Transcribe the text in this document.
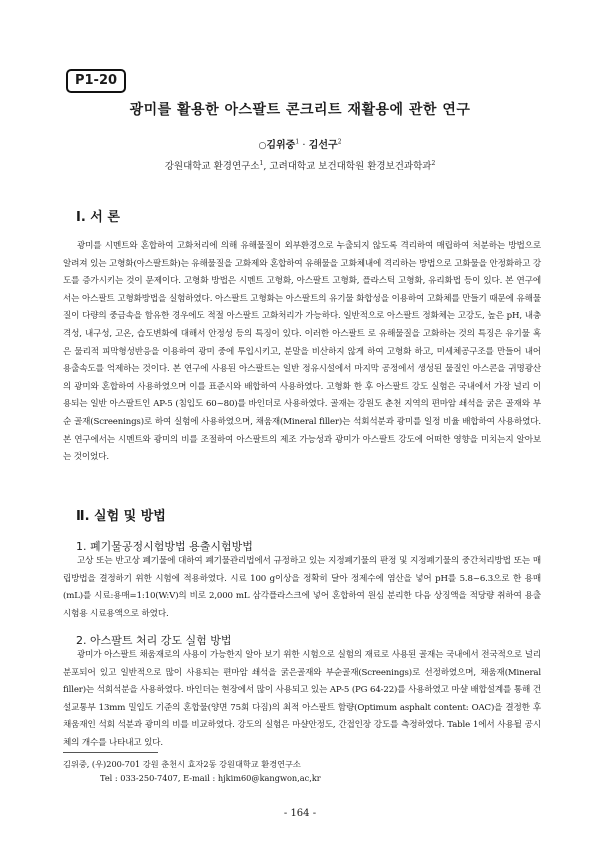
P1-20
광미를 활용한 아스팔트 콘크리트 재활용에 관한 연구
○김위중$^1$ · 김선구$^2$
강원대학교 환경연구소$^1$, 고려대학교 보건대학원 환경보건과학과$^2$
Ⅰ. 서 론
광미를 시멘트와 혼합하여 고화처리에 의해 유해물질이 외부환경으로 누출되지 않도록 격리하여 매립하여 처분하는 방법으로 알려져 있는 고형화(아스팔트화)는 유해물질을 고화제와 혼합하여 유해물을 고화체내에 격리하는 방법으로 고화물을 안정화하고 강도를 증가시키는 것이 문제이다. 고형화 방법은 시멘트 고형화, 아스팔트 고형화, 플라스틱 고형화, 유리화법 등이 있다. 본 연구에서는 아스팔트 고형화방법을 실험하였다. 아스팔트 고형화는 아스팔트의 유기물 화합성을 이용하여 고화체를 만들기 때문에 유해물질이 다량의 중금속을 함유한 경우에도 적절 아스팔트 고화처리가 가능하다. 일반적으로 아스팔트 정화체는 고강도, 높은 pH, 내충격성, 내구성, 고온, 습도변화에 대해서 안정성 등의 특징이 있다. 이러한 아스팔트 로 유해물질을 고화하는 것의 특징은 유기물 혹은 물리적 피막형성반응을 이용하여 광미 중에 투입시키고, 분말을 비산하지 않게 하여 고형화 하고, 미세체공구조를 만들어 내어 용출속도를 억제하는 것이다. 본 연구에 사용된 아스팔트는 일반 정유시설에서 마지막 공정에서 생성된 물질인 아스콘을 귀명광산의 광미와 혼합하여 사용하였으며 이를 표준시와 배합하여 사용하였다. 고형화 한 후 아스팔트 강도 실험은 국내에서 가장 널리 이용되는 일반 아스팔트인 AP-5 (침입도 60~80)를 바인더로 사용하였다. 골재는 강원도 춘천 지역의 편마암 쇄석을 굵은 골재와 부순 골재(Screenings)로 하여 실험에 사용하였으며, 채움재(Mineral filler)는 석회석분과 광미를 일정 비율 배합하여 사용하였다. 본 연구에서는 시멘트와 광미의 비를 조절하여 아스팔트의 제조 가능성과 광미가 아스팔트 강도에 어떠한 영향을 미치는지 알아보는 것이었다.
Ⅱ. 실험 및 방법
1. 폐기물공정시험방법 용출시험방법
고상 또는 반고상 폐기물에 대하여 폐기물관리법에서 규정하고 있는 지정폐기물의 판정 및 지정폐기물의 중간처리방법 또는 매립방법을 결정하기 위한 시험에 적용하였다. 시료 100 g이상을 정확히 달아 정제수에 염산을 넣어 pH를 5.8~6.3으로 한 용매(mL)를 시료:용매=1:10(W:V)의 비로 2,000 mL 삼각플라스크에 넣어 혼합하여 원심 분리한 다음 상징액을 적당량 취하여 용출시험용 시료용액으로 하였다.
2. 아스팔트 처리 강도 실험 방법
광미가 아스팔트 채움재로의 사용이 가능한지 알아 보기 위한 시험으로 실험의 재료로 사용된 골재는 국내에서 전국적으로 널리 분포되어 있고 일반적으로 많이 사용되는 편마암 쇄석을 굵은골재와 부순골재(Screenings)로 선정하였으며, 채움재(Mineral filler)는 석회석분을 사용하였다. 바인더는 현장에서 많이 사용되고 있는 AP-5 (PG 64-22)를 사용하였고 마샬 배합설계를 통해 건설교통부 13mm 밀입도 기준의 혼합물(양면 75회 다짐)의 최적 아스팔트 함량(Optimum asphalt content: OAC)을 결정한 후 채움재인 석회 석분과 광미의 비를 비교하였다. 강도의 실험은 마샬안정도, 간접인장 강도를 측정하였다. Table 1에서 사용될 공시체의 개수를 나타내고 있다.
김위중, (우)200-701 강원 춘천시 효자2동 강원대학교 환경연구소
Tel : 033-250-7407, E-mail : hjkim60@kangwon,ac,kr
- 164 -
